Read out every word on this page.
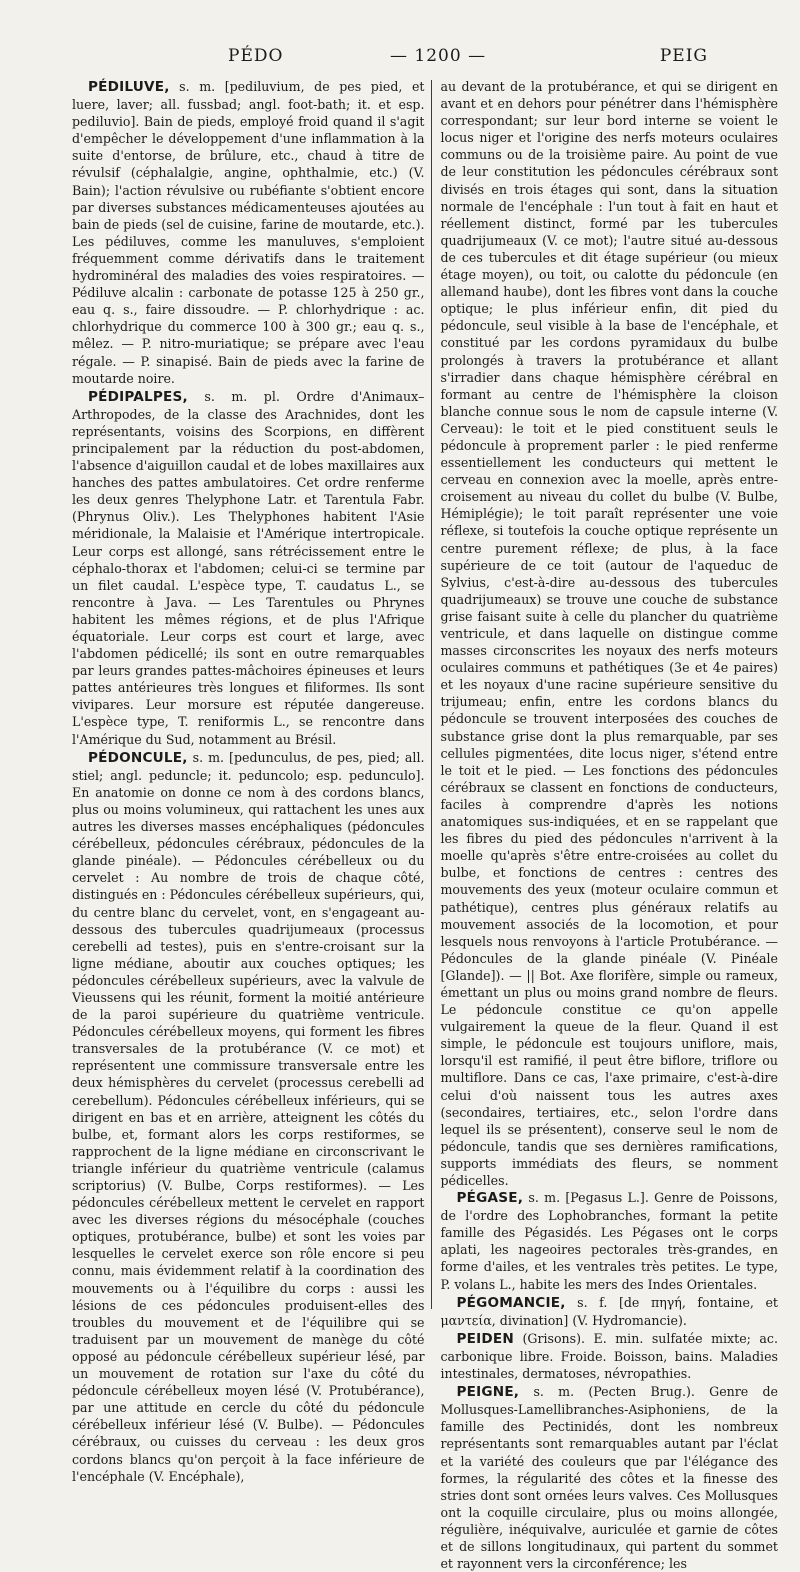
PÉDO	— 1200 —	PEIG

PÉDILUVE, s. m. [pediluvium, de pes pied, et luere, laver; all. fussbad; angl. foot-bath; it. et esp. pediluvio]. Bain de pieds, employé froid quand il s'agit d'empêcher le développement d'une inflammation à la suite d'entorse, de brûlure, etc., chaud à titre de révulsif (céphalalgie, angine, ophthalmie, etc.) (V. Bain); l'action révulsive ou rubéfiante s'obtient encore par diverses substances médicamenteuses ajoutées au bain de pieds (sel de cuisine, farine de moutarde, etc.). Les pédiluves, comme les manuluves, s'emploient fréquemment comme dérivatifs dans le traitement hydrominéral des maladies des voies respiratoires. — Pédiluve alcalin : carbonate de potasse 125 à 250 gr., eau q. s., faire dissoudre. — P. chlorhydrique : ac. chlorhydrique du commerce 100 à 300 gr.; eau q. s., mêlez. — P. nitro-muriatique; se prépare avec l'eau régale. — P. sinapisé. Bain de pieds avec la farine de moutarde noire.

PÉDIPALPES, s. m. pl. Ordre d'Animaux–Arthropodes, de la classe des Arachnides, dont les représentants, voisins des Scorpions, en diffèrent principalement par la réduction du post-abdomen, l'absence d'aiguillon caudal et de lobes maxillaires aux hanches des pattes ambulatoires. Cet ordre renferme les deux genres Thelyphone Latr. et Tarentula Fabr. (Phrynus Oliv.). Les Thelyphones habitent l'Asie méridionale, la Malaisie et l'Amérique intertropicale. Leur corps est allongé, sans rétrécissement entre le céphalo-thorax et l'abdomen; celui-ci se termine par un filet caudal. L'espèce type, T. caudatus L., se rencontre à Java. — Les Tarentules ou Phrynes habitent les mêmes régions, et de plus l'Afrique équatoriale. Leur corps est court et large, avec l'abdomen pédicellé; ils sont en outre remarquables par leurs grandes pattes-mâchoires épineuses et leurs pattes antérieures très longues et filiformes. Ils sont vivipares. Leur morsure est réputée dangereuse. L'espèce type, T. reniformis L., se rencontre dans l'Amérique du Sud, notamment au Brésil.

PÉDONCULE, s. m. [pedunculus, de pes, pied; all. stiel; angl. peduncle; it. peduncolo; esp. pedunculo]. En anatomie on donne ce nom à des cordons blancs, plus ou moins volumineux, qui rattachent les unes aux autres les diverses masses encéphaliques (pédoncules cérébelleux, pédoncules cérébraux, pédoncules de la glande pinéale). — Pédoncules cérébelleux ou du cervelet : Au nombre de trois de chaque côté, distingués en : Pédoncules cérébelleux supérieurs, qui, du centre blanc du cervelet, vont, en s'engageant au-dessous des tubercules quadrijumeaux (processus cerebelli ad testes), puis en s'entre-croisant sur la ligne médiane, aboutir aux couches optiques; les pédoncules cérébelleux supérieurs, avec la valvule de Vieussens qui les réunit, forment la moitié antérieure de la paroi supérieure du quatrième ventricule. Pédoncules cérébelleux moyens, qui forment les fibres transversales de la protubérance (V. ce mot) et représentent une commissure transversale entre les deux hémisphères du cervelet (processus cerebelli ad cerebellum). Pédoncules cérébelleux inférieurs, qui se dirigent en bas et en arrière, atteignent les côtés du bulbe, et, formant alors les corps restiformes, se rapprochent de la ligne médiane en circonscrivant le triangle inférieur du quatrième ventricule (calamus scriptorius) (V. Bulbe, Corps restiformes). — Les pédoncules cérébelleux mettent le cervelet en rapport avec les diverses régions du mésocéphale (couches optiques, protubérance, bulbe) et sont les voies par lesquelles le cervelet exerce son rôle encore si peu connu, mais évidemment relatif à la coordination des mouvements ou à l'équilibre du corps : aussi les lésions de ces pédoncules produisent-elles des troubles du mouvement et de l'équilibre qui se traduisent par un mouvement de manège du côté opposé au pédoncule cérébelleux supérieur lésé, par un mouvement de rotation sur l'axe du côté du pédoncule cérébelleux moyen lésé (V. Protubérance), par une attitude en cercle du côté du pédoncule cérébelleux inférieur lésé (V. Bulbe). — Pédoncules cérébraux, ou cuisses du cerveau : les deux gros cordons blancs qu'on perçoit à la face inférieure de l'encéphale (V. Encéphale),

au devant de la protubérance, et qui se dirigent en avant et en dehors pour pénétrer dans l'hémisphère correspondant; sur leur bord interne se voient le locus niger et l'origine des nerfs moteurs oculaires communs ou de la troisième paire. Au point de vue de leur constitution les pédoncules cérébraux sont divisés en trois étages qui sont, dans la situation normale de l'encéphale : l'un tout à fait en haut et réellement distinct, formé par les tubercules quadrijumeaux (V. ce mot); l'autre situé au-dessous de ces tubercules et dit étage supérieur (ou mieux étage moyen), ou toit, ou calotte du pédoncule (en allemand haube), dont les fibres vont dans la couche optique; le plus inférieur enfin, dit pied du pédoncule, seul visible à la base de l'encéphale, et constitué par les cordons pyramidaux du bulbe prolongés à travers la protubérance et allant s'irradier dans chaque hémisphère cérébral en formant au centre de l'hémisphère la cloison blanche connue sous le nom de capsule interne (V. Cerveau): le toit et le pied constituent seuls le pédoncule à proprement parler : le pied renferme essentiellement les conducteurs qui mettent le cerveau en connexion avec la moelle, après entre-croisement au niveau du collet du bulbe (V. Bulbe, Hémiplégie); le toit paraît représenter une voie réflexe, si toutefois la couche optique représente un centre purement réflexe; de plus, à la face supérieure de ce toit (autour de l'aqueduc de Sylvius, c'est-à-dire au-dessous des tubercules quadrijumeaux) se trouve une couche de substance grise faisant suite à celle du plancher du quatrième ventricule, et dans laquelle on distingue comme masses circonscrites les noyaux des nerfs moteurs oculaires communs et pathétiques (3e et 4e paires) et les noyaux d'une racine supérieure sensitive du trijumeau; enfin, entre les cordons blancs du pédoncule se trouvent interposées des couches de substance grise dont la plus remarquable, par ses cellules pigmentées, dite locus niger, s'étend entre le toit et le pied. — Les fonctions des pédoncules cérébraux se classent en fonctions de conducteurs, faciles à comprendre d'après les notions anatomiques sus-indiquées, et en se rappelant que les fibres du pied des pédoncules n'arrivent à la moelle qu'après s'être entre-croisées au collet du bulbe, et fonctions de centres : centres des mouvements des yeux (moteur oculaire commun et pathétique), centres plus généraux relatifs au mouvement associés de la locomotion, et pour lesquels nous renvoyons à l'article Protubérance. — Pédoncules de la glande pinéale (V. Pinéale [Glande]). — || Bot. Axe florifère, simple ou rameux, émettant un plus ou moins grand nombre de fleurs. Le pédoncule constitue ce qu'on appelle vulgairement la queue de la fleur. Quand il est simple, le pédoncule est toujours uniflore, mais, lorsqu'il est ramifié, il peut être biflore, triflore ou multiflore. Dans ce cas, l'axe primaire, c'est-à-dire celui d'où naissent tous les autres axes (secondaires, tertiaires, etc., selon l'ordre dans lequel ils se présentent), conserve seul le nom de pédoncule, tandis que ses dernières ramifications, supports immédiats des fleurs, se nomment pédicelles.

PÉGASE, s. m. [Pegasus L.]. Genre de Poissons, de l'ordre des Lophobranches, formant la petite famille des Pégasidés. Les Pégases ont le corps aplati, les nageoires pectorales très-grandes, en forme d'ailes, et les ventrales très petites. Le type, P. volans L., habite les mers des Indes Orientales.

PÉGOMANCIE, s. f. [de πηγή, fontaine, et μαντεία, divination] (V. Hydromancie).

PEIDEN (Grisons). E. min. sulfatée mixte; ac. carbonique libre. Froide. Boisson, bains. Maladies intestinales, dermatoses, névropathies.

PEIGNE, s. m. (Pecten Brug.). Genre de Mollusques-Lamellibranches-Asiphoniens, de la famille des Pectinidés, dont les nombreux représentants sont remarquables autant par l'éclat et la variété des couleurs que par l'élégance des formes, la régularité des côtes et la finesse des stries dont sont ornées leurs valves. Ces Mollusques ont la coquille circulaire, plus ou moins allongée, régulière, inéquivalve, auriculée et garnie de côtes et de sillons longitudinaux, qui partent du sommet et rayonnent vers la circonférence; les
